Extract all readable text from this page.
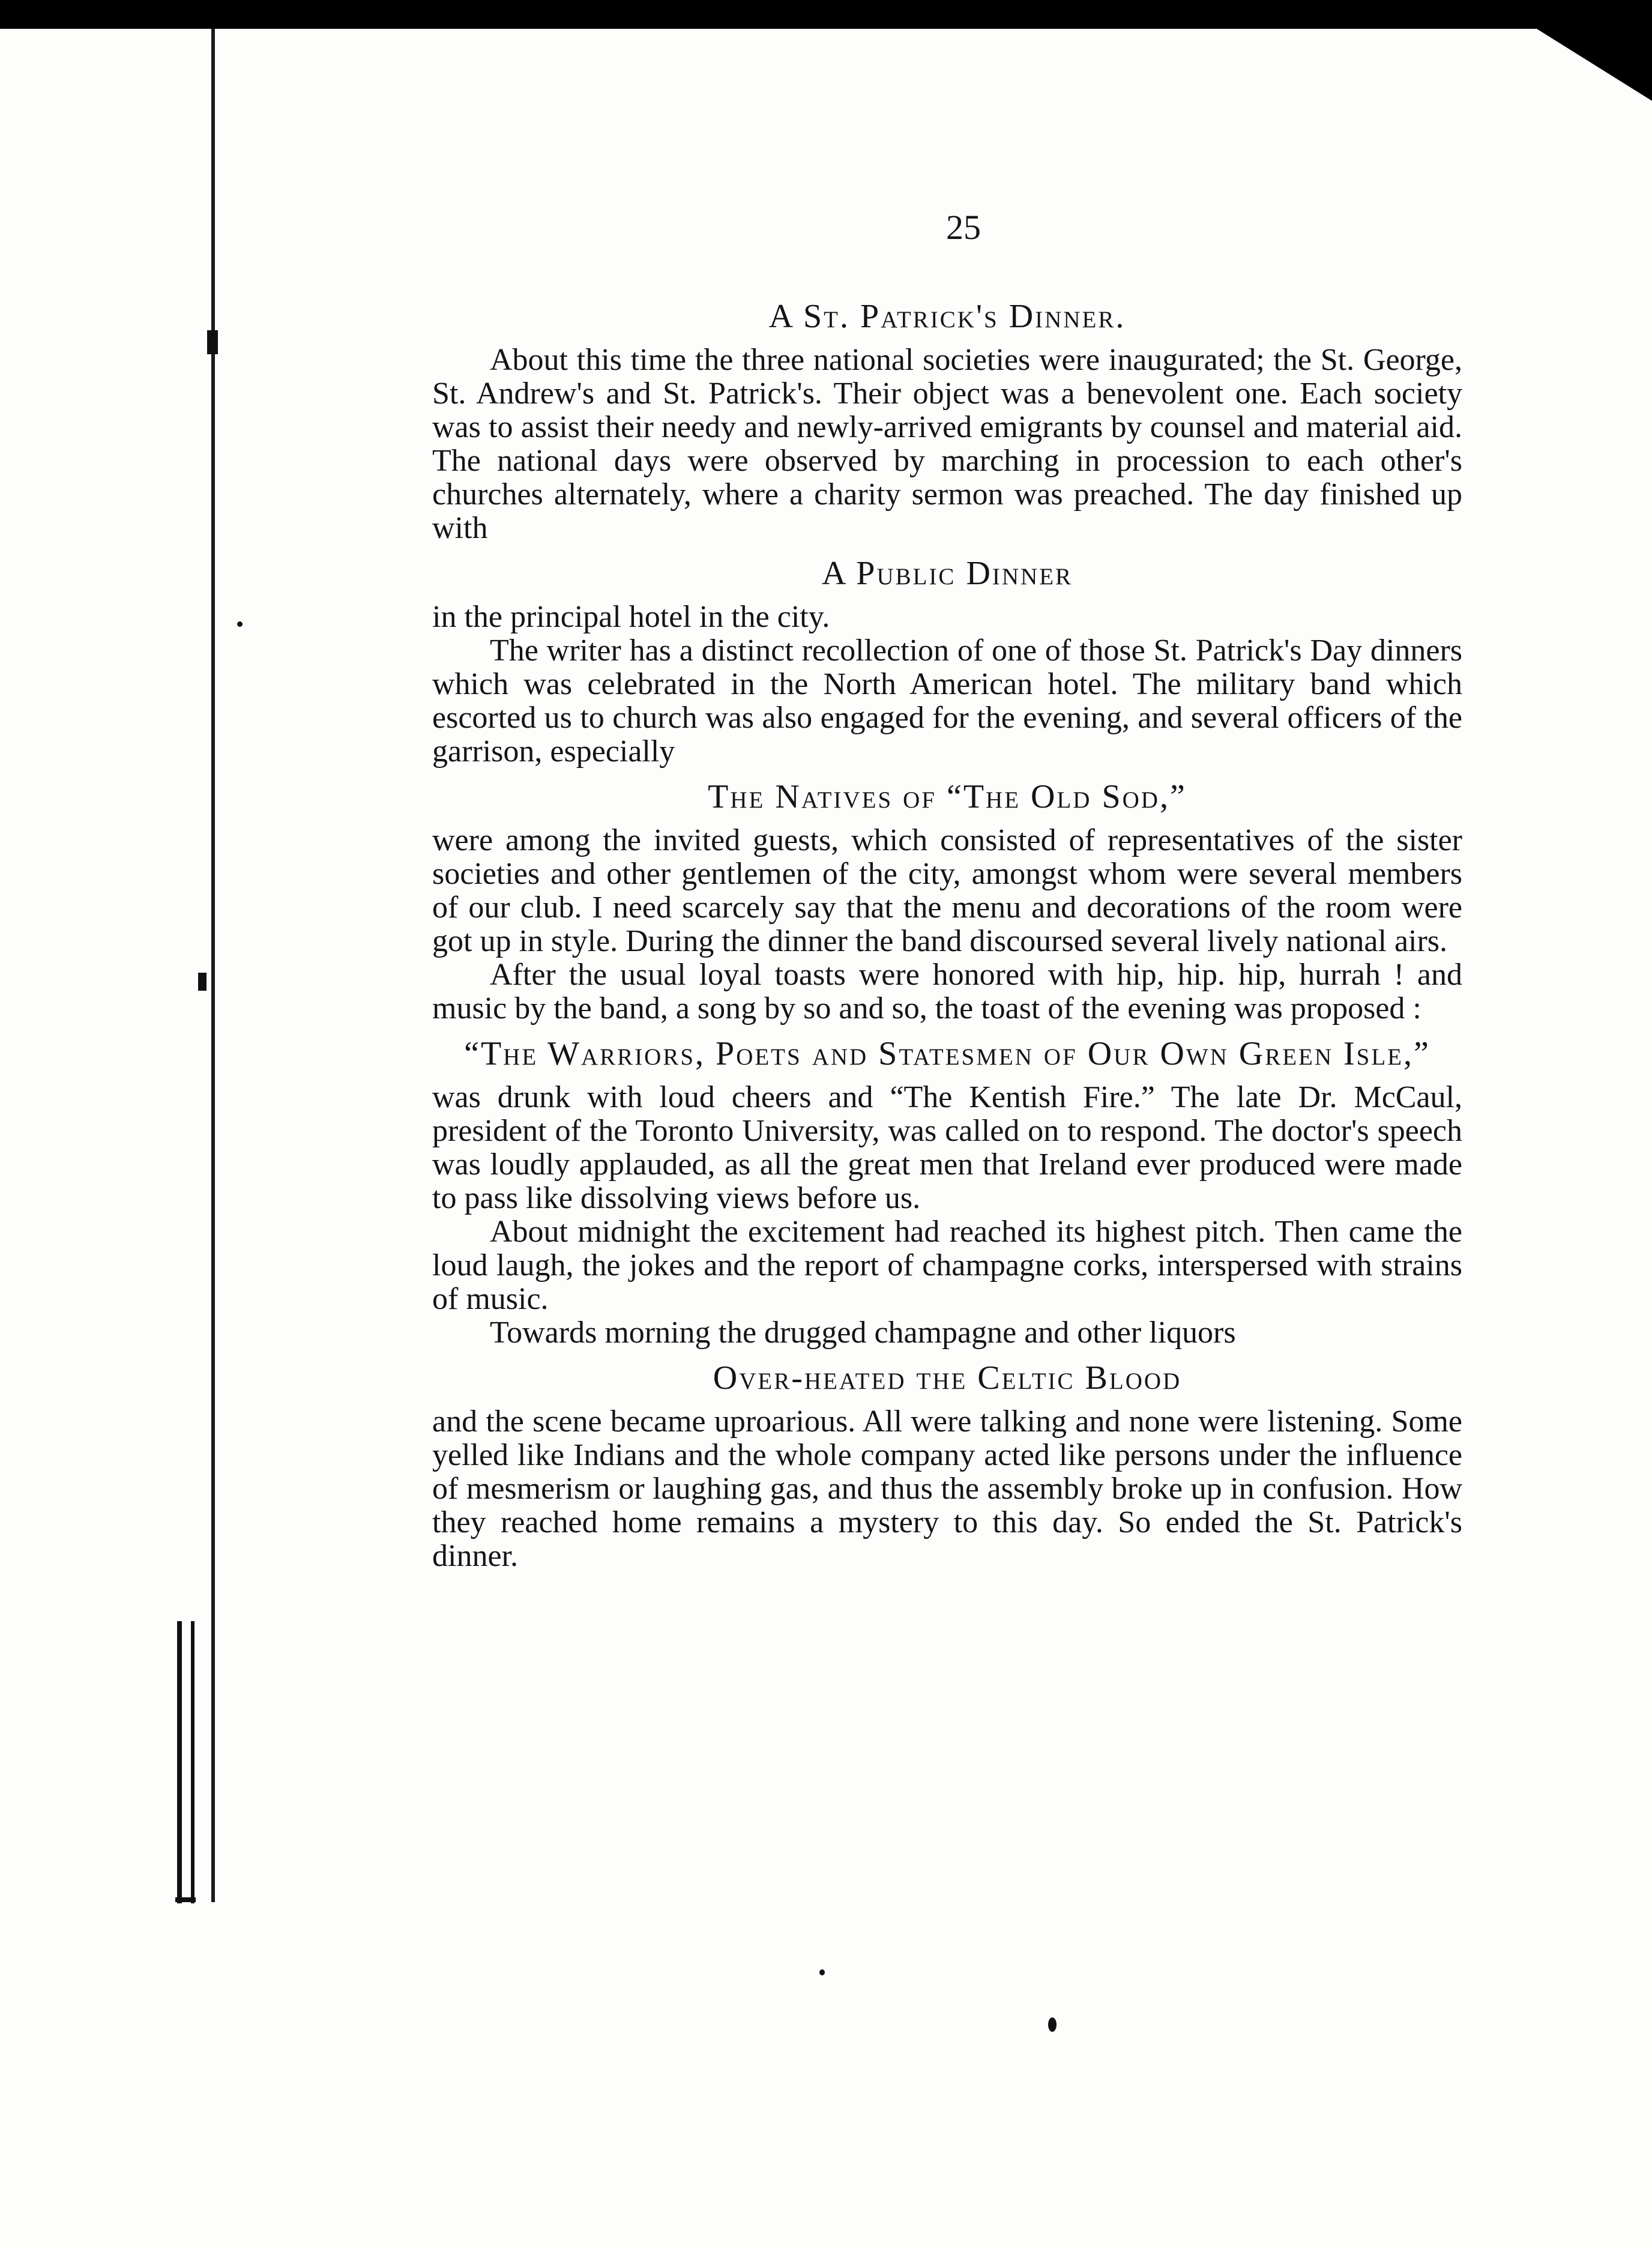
25
A St. Patrick's Dinner.

About this time the three national societies were inaugurated; the St. George, St. Andrew's and St. Patrick's. Their object was a benevolent one. Each society was to assist their needy and newly-arrived emigrants by counsel and material aid. The national days were observed by marching in procession to each other's churches alternately, where a charity sermon was preached. The day finished up with

A Public Dinner

in the principal hotel in the city.

The writer has a distinct recollection of one of those St. Patrick's Day dinners which was celebrated in the North American hotel. The military band which escorted us to church was also engaged for the evening, and several officers of the garrison, especially

The Natives of “The Old Sod,”

were among the invited guests, which consisted of representatives of the sister societies and other gentlemen of the city, amongst whom were several members of our club. I need scarcely say that the menu and decorations of the room were got up in style. During the dinner the band discoursed several lively national airs.

After the usual loyal toasts were honored with hip, hip. hip, hurrah ! and music by the band, a song by so and so, the toast of the evening was proposed :

“The Warriors, Poets and Statesmen of Our Own Green Isle,”

was drunk with loud cheers and “The Kentish Fire.” The late Dr. McCaul, president of the Toronto University, was called on to respond. The doctor's speech was loudly applauded, as all the great men that Ireland ever produced were made to pass like dissolving views before us.

About midnight the excitement had reached its highest pitch. Then came the loud laugh, the jokes and the report of champagne corks, interspersed with strains of music.

Towards morning the drugged champagne and other liquors

Over-heated the Celtic Blood

and the scene became uproarious. All were talking and none were listening. Some yelled like Indians and the whole company acted like persons under the influence of mesmerism or laughing gas, and thus the assembly broke up in confusion. How they reached home remains a mystery to this day. So ended the St. Patrick's dinner.
